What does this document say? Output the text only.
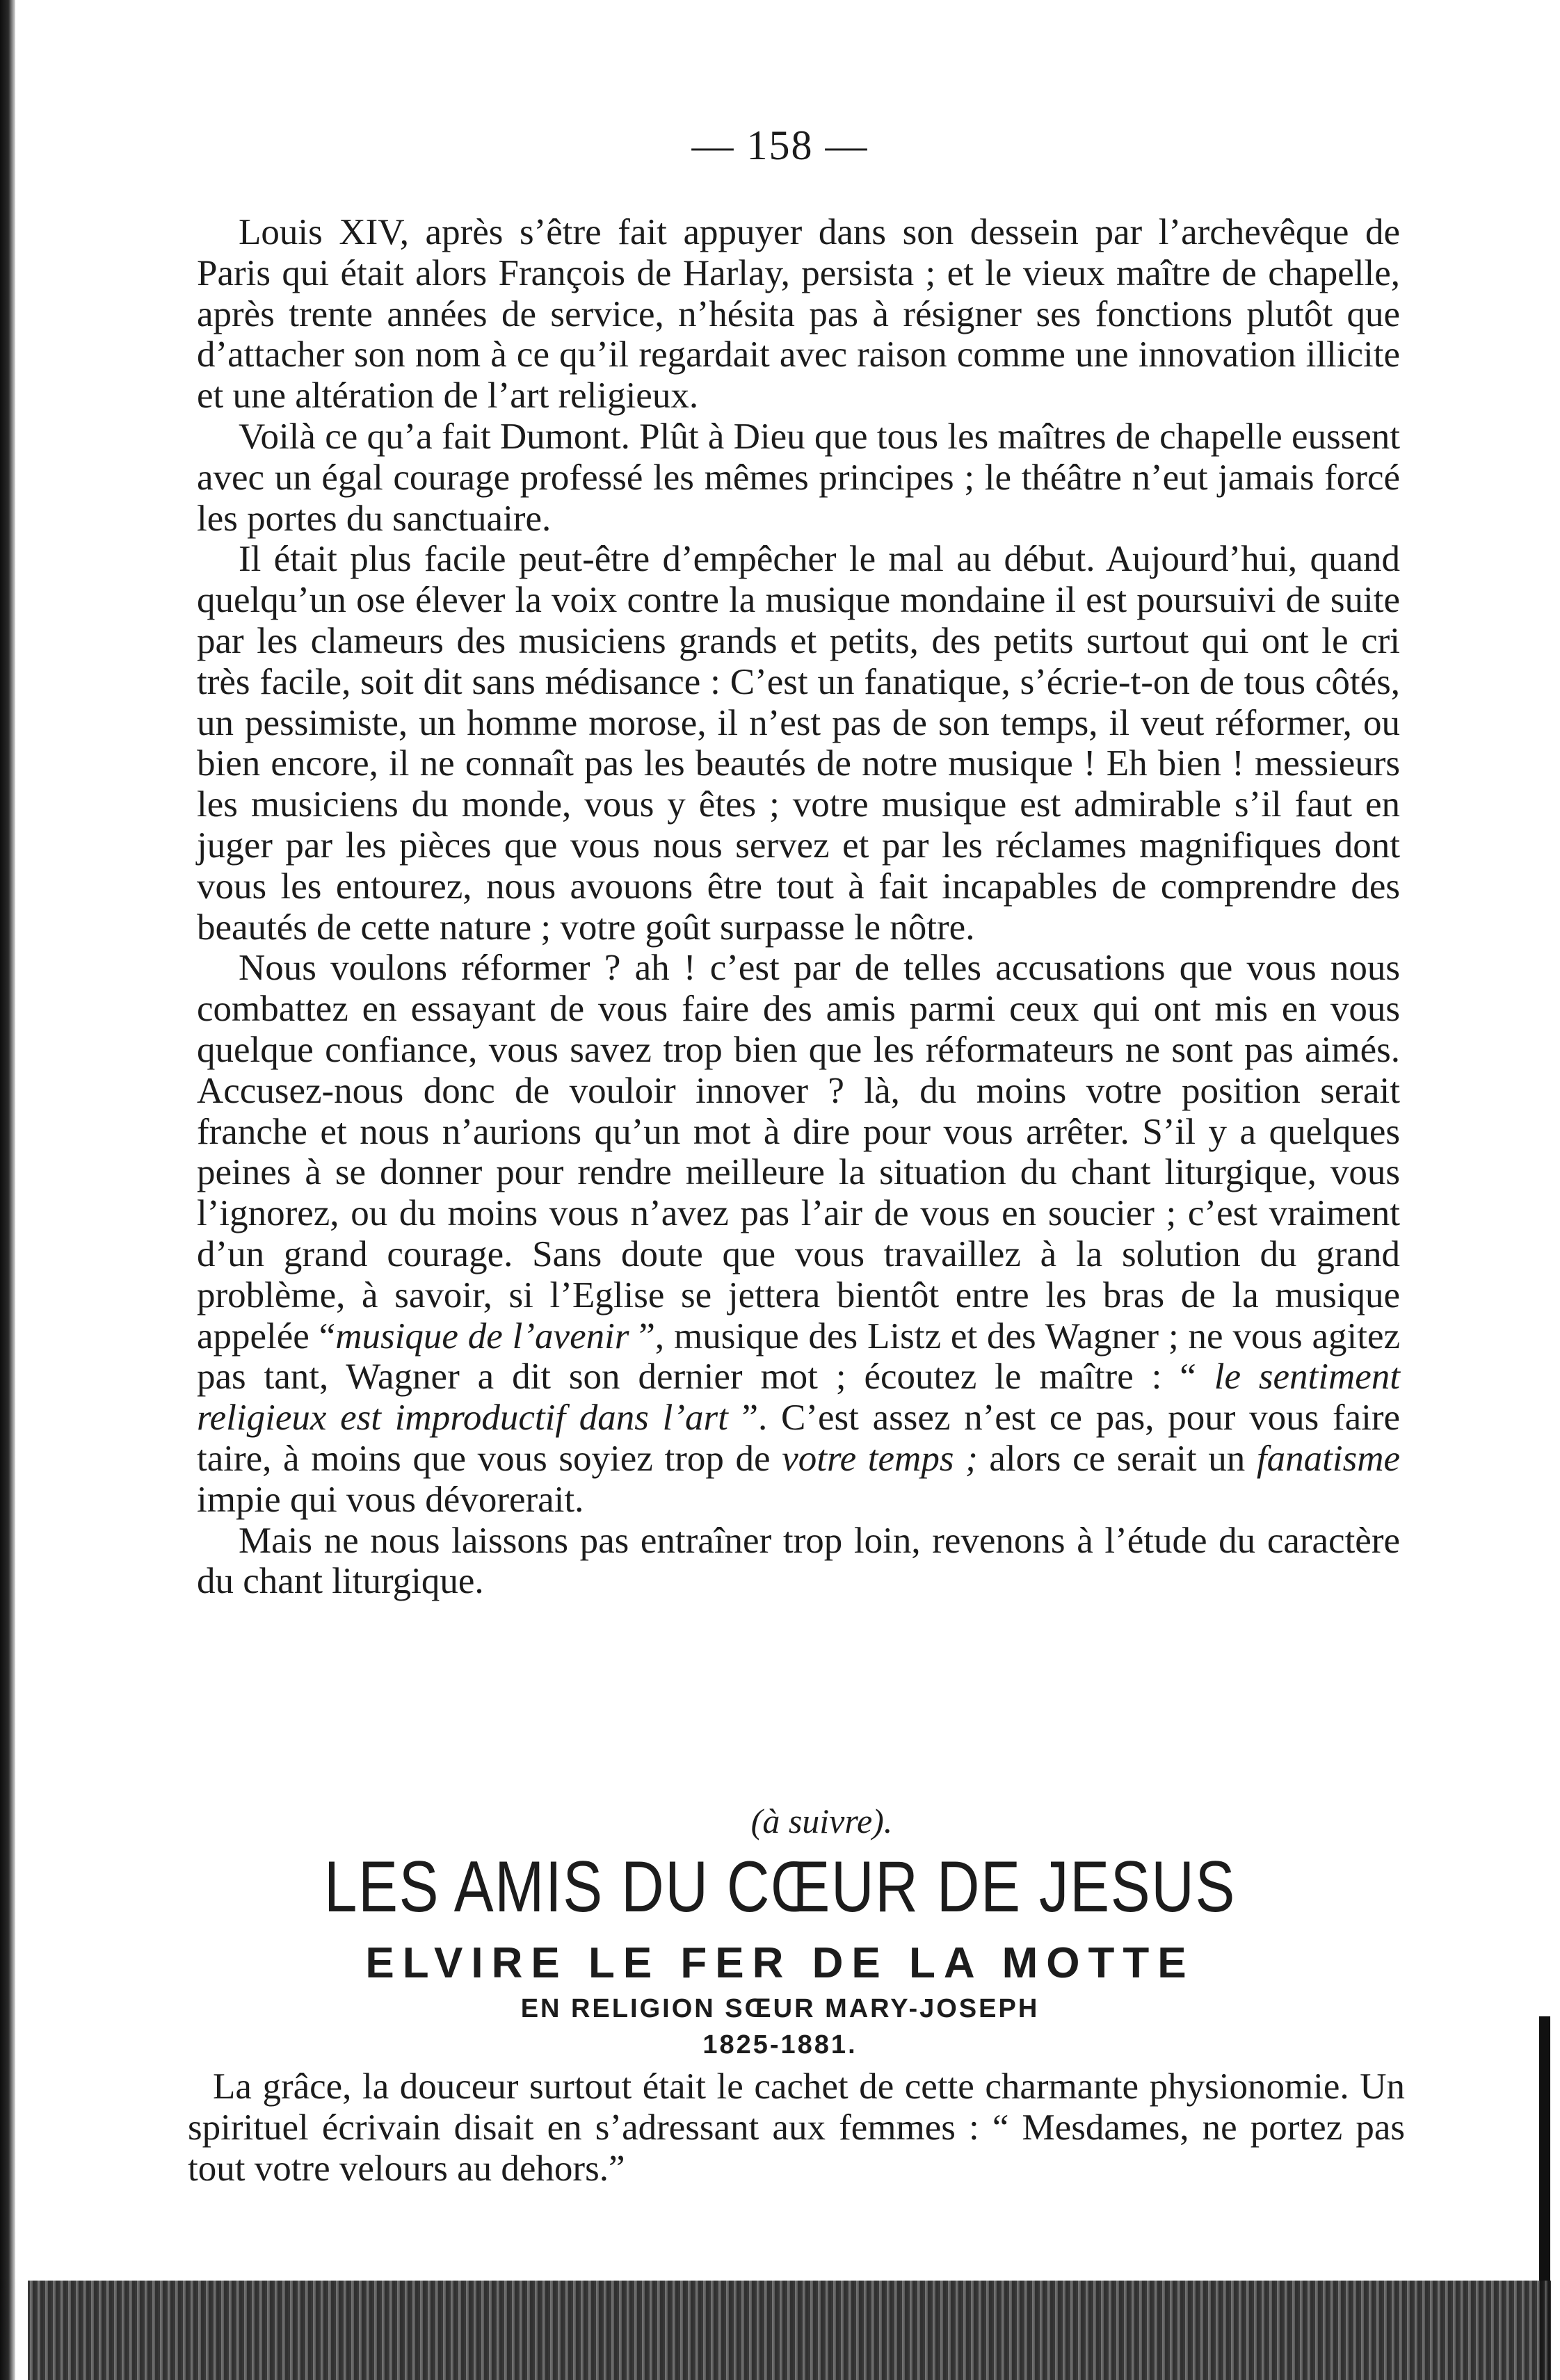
— 158 —

Louis XIV, après s’être fait appuyer dans son dessein par l’archevêque de Paris qui était alors François de Harlay, persista ; et le vieux maître de chapelle, après trente années de service, n’hésita pas à résigner ses fonctions plutôt que d’attacher son nom à ce qu’il regardait avec raison comme une innovation illicite et une altération de l’art religieux.

Voilà ce qu’a fait Dumont. Plût à Dieu que tous les maîtres de chapelle eussent avec un égal courage professé les mêmes principes ; le théâtre n’eut jamais forcé les portes du sanctuaire.

Il était plus facile peut-être d’empêcher le mal au début. Aujourd’hui, quand quelqu’un ose élever la voix contre la musique mondaine il est poursuivi de suite par les clameurs des musiciens grands et petits, des petits surtout qui ont le cri très facile, soit dit sans médisance : C’est un fanatique, s’écrie-t-on de tous côtés, un pessimiste, un homme morose, il n’est pas de son temps, il veut réformer, ou bien encore, il ne connaît pas les beautés de notre musique ! Eh bien ! messieurs les musiciens du monde, vous y êtes ; votre musique est admirable s’il faut en juger par les pièces que vous nous servez et par les réclames magnifiques dont vous les entourez, nous avouons être tout à fait incapables de comprendre des beautés de cette nature ; votre goût surpasse le nôtre.

Nous voulons réformer ? ah ! c’est par de telles accusations que vous nous combattez en essayant de vous faire des amis parmi ceux qui ont mis en vous quelque confiance, vous savez trop bien que les réformateurs ne sont pas aimés. Accusez-nous donc de vouloir innover ? là, du moins votre position serait franche et nous n’aurions qu’un mot à dire pour vous arrêter. S’il y a quelques peines à se donner pour rendre meilleure la situation du chant liturgique, vous l’ignorez, ou du moins vous n’avez pas l’air de vous en soucier ; c’est vraiment d’un grand courage. Sans doute que vous travaillez à la solution du grand problème, à savoir, si l’Eglise se jettera bientôt entre les bras de la musique appelée “musique de l’avenir ”, musique des Listz et des Wagner ; ne vous agitez pas tant, Wagner a dit son dernier mot ; écoutez le maître : “ le sentiment religieux est improductif dans l’art ”. C’est assez n’est ce pas, pour vous faire taire, à moins que vous soyiez trop de votre temps ; alors ce serait un fanatisme impie qui vous dévorerait.

Mais ne nous laissons pas entraîner trop loin, revenons à l’étude du caractère du chant liturgique.

(à suivre).
LES AMIS DU CŒUR DE JESUS
ELVIRE LE FER DE LA MOTTE
EN RELIGION SŒUR MARY-JOSEPH
1825-1881.

La grâce, la douceur surtout était le cachet de cette charmante physionomie. Un spirituel écrivain disait en s’adressant aux femmes : “ Mesdames, ne portez pas tout votre velours au dehors.”
